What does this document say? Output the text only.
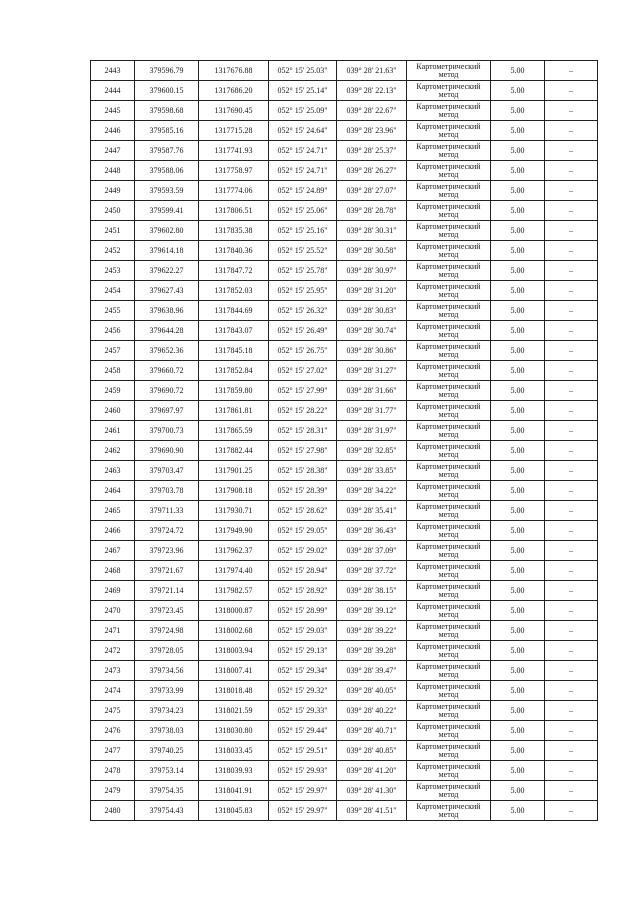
2443	379596.79	1317676.88	052° 15' 25.03"	039° 28' 21.63"	Картометрический метод	5.00	–
2444	379600.15	1317686.20	052° 15' 25.14"	039° 28' 22.13"	Картометрический метод	5.00	–
2445	379598.68	1317690.45	052° 15' 25.09"	039° 28' 22.67"	Картометрический метод	5.00	–
2446	379585.16	1317715.28	052° 15' 24.64"	039° 28' 23.96"	Картометрический метод	5.00	–
2447	379587.76	1317741.93	052° 15' 24.71"	039° 28' 25.37"	Картометрический метод	5.00	–
2448	379588.06	1317758.97	052° 15' 24.71"	039° 28' 26.27"	Картометрический метод	5.00	–
2449	379593.59	1317774.06	052° 15' 24.89"	039° 28' 27.07"	Картометрический метод	5.00	–
2450	379599.41	1317806.51	052° 15' 25.06"	039° 28' 28.78"	Картометрический метод	5.00	–
2451	379602.80	1317835.38	052° 15' 25.16"	039° 28' 30.31"	Картометрический метод	5.00	–
2452	379614.18	1317840.36	052° 15' 25.52"	039° 28' 30.58"	Картометрический метод	5.00	–
2453	379622.27	1317847.72	052° 15' 25.78"	039° 28' 30.97"	Картометрический метод	5.00	–
2454	379627.43	1317852.03	052° 15' 25.95"	039° 28' 31.20"	Картометрический метод	5.00	–
2455	379638.96	1317844.69	052° 15' 26.32"	039° 28' 30.83"	Картометрический метод	5.00	–
2456	379644.28	1317843.07	052° 15' 26.49"	039° 28' 30.74"	Картометрический метод	5.00	–
2457	379652.36	1317845.18	052° 15' 26.75"	039° 28' 30.86"	Картометрический метод	5.00	–
2458	379660.72	1317852.84	052° 15' 27.02"	039° 28' 31.27"	Картометрический метод	5.00	–
2459	379690.72	1317859.80	052° 15' 27.99"	039° 28' 31.66"	Картометрический метод	5.00	–
2460	379697.97	1317861.81	052° 15' 28.22"	039° 28' 31.77"	Картометрический метод	5.00	–
2461	379700.73	1317865.59	052° 15' 28.31"	039° 28' 31.97"	Картометрический метод	5.00	–
2462	379690.90	1317882.44	052° 15' 27.98"	039° 28' 32.85"	Картометрический метод	5.00	–
2463	379703.47	1317901.25	052° 15' 28.38"	039° 28' 33.85"	Картометрический метод	5.00	–
2464	379703.78	1317908.18	052° 15' 28.39"	039° 28' 34.22"	Картометрический метод	5.00	–
2465	379711.33	1317930.71	052° 15' 28.62"	039° 28' 35.41"	Картометрический метод	5.00	–
2466	379724.72	1317949.90	052° 15' 29.05"	039° 28' 36.43"	Картометрический метод	5.00	–
2467	379723.96	1317962.37	052° 15' 29.02"	039° 28' 37.09"	Картометрический метод	5.00	–
2468	379721.67	1317974.40	052° 15' 28.94"	039° 28' 37.72"	Картометрический метод	5.00	–
2469	379721.14	1317982.57	052° 15' 28.92"	039° 28' 38.15"	Картометрический метод	5.00	–
2470	379723.45	1318000.87	052° 15' 28.99"	039° 28' 39.12"	Картометрический метод	5.00	–
2471	379724.98	1318002.68	052° 15' 29.03"	039° 28' 39.22"	Картометрический метод	5.00	–
2472	379728.05	1318003.94	052° 15' 29.13"	039° 28' 39.28"	Картометрический метод	5.00	–
2473	379734.56	1318007.41	052° 15' 29.34"	039° 28' 39.47"	Картометрический метод	5.00	–
2474	379733.99	1318018.48	052° 15' 29.32"	039° 28' 40.05"	Картометрический метод	5.00	–
2475	379734.23	1318021.59	052° 15' 29.33"	039° 28' 40.22"	Картометрический метод	5.00	–
2476	379738.03	1318030.80	052° 15' 29.44"	039° 28' 40.71"	Картометрический метод	5.00	–
2477	379740.25	1318033.45	052° 15' 29.51"	039° 28' 40.85"	Картометрический метод	5.00	–
2478	379753.14	1318039.93	052° 15' 29.93"	039° 28' 41.20"	Картометрический метод	5.00	–
2479	379754.35	1318041.91	052° 15' 29.97"	039° 28' 41.30"	Картометрический метод	5.00	–
2480	379754.43	1318045.83	052° 15' 29.97"	039° 28' 41.51"	Картометрический метод	5.00	–
